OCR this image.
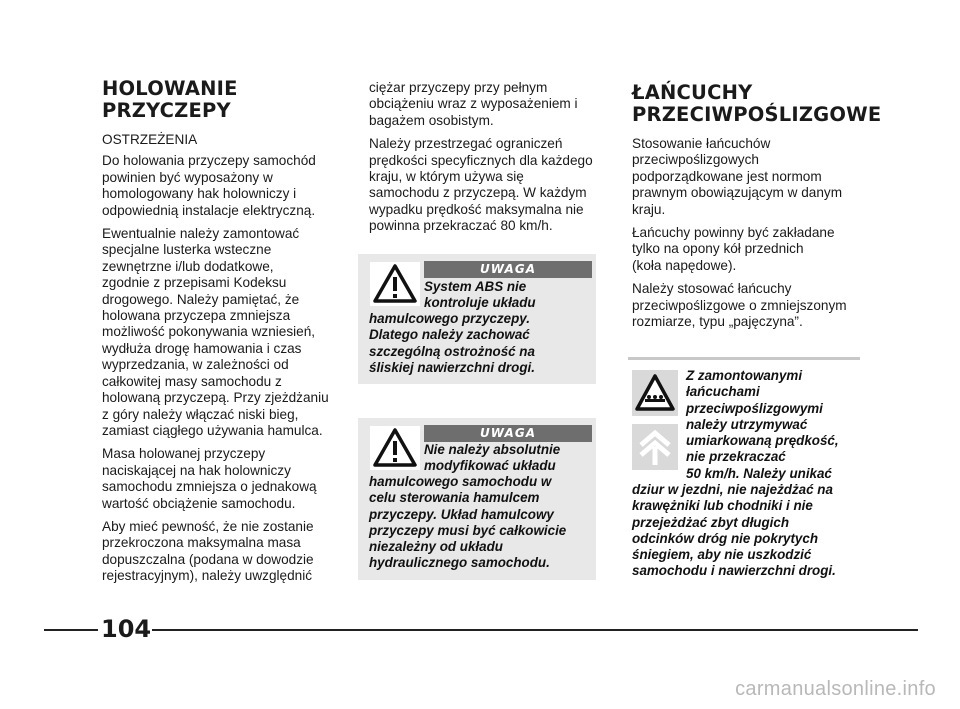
HOLOWANIE
PRZYCZEPY

OSTRZEŻENIA

Do holowania przyczepy samochód
powinien być wyposażony w
homologowany hak holowniczy i
odpowiednią instalacje elektryczną.

Ewentualnie należy zamontować
specjalne lusterka wsteczne
zewnętrzne i/lub dodatkowe,
zgodnie z przepisami Kodeksu
drogowego. Należy pamiętać, że
holowana przyczepa zmniejsza
możliwość pokonywania wzniesień,
wydłuża drogę hamowania i czas
wyprzedzania, w zależności od
całkowitej masy samochodu z
holowaną przyczepą. Przy zjeżdżaniu
z góry należy włączać niski bieg,
zamiast ciągłego używania hamulca.

Masa holowanej przyczepy
naciskającej na hak holowniczy
samochodu zmniejsza o jednakową
wartość obciążenie samochodu.

Aby mieć pewność, że nie zostanie
przekroczona maksymalna masa
dopuszczalna (podana w dowodzie
rejestracyjnym), należy uwzględnić

ciężar przyczepy przy pełnym
obciążeniu wraz z wyposażeniem i
bagażem osobistym.

Należy przestrzegać ograniczeń
prędkości specyficznych dla każdego
kraju, w którym używa się
samochodu z przyczepą. W każdym
wypadku prędkość maksymalna nie
powinna przekraczać 80 km/h.

UWAGA
System ABS nie
kontroluje układu
hamulcowego przyczepy.
Dlatego należy zachować
szczególną ostrożność na
śliskiej nawierzchni drogi.
UWAGA
Nie należy absolutnie
modyfikować układu
hamulcowego samochodu w
celu sterowania hamulcem
przyczepy. Układ hamulcowy
przyczepy musi być całkowicie
niezależny od układu
hydraulicznego samochodu.
ŁAŃCUCHY
PRZECIWPOŚLIZGOWE

Stosowanie łańcuchów
przeciwpoślizgowych
podporządkowane jest normom
prawnym obowiązującym w danym
kraju.

Łańcuchy powinny być zakładane
tylko na opony kół przednich
(koła napędowe).

Należy stosować łańcuchy
przeciwpoślizgowe o zmniejszonym
rozmiarze, typu „pajęczyna”.

Z zamontowanymi
łańcuchami
przeciwpoślizgowymi
należy utrzymywać
umiarkowaną prędkość,
nie przekraczać
50 km/h. Należy unikać
dziur w jezdni, nie najeżdżać na
krawężniki lub chodniki i nie
przejeżdżać zbyt długich
odcinków dróg nie pokrytych
śniegiem, aby nie uszkodzić
samochodu i nawierzchni drogi.
104
carmanualsonline.info
